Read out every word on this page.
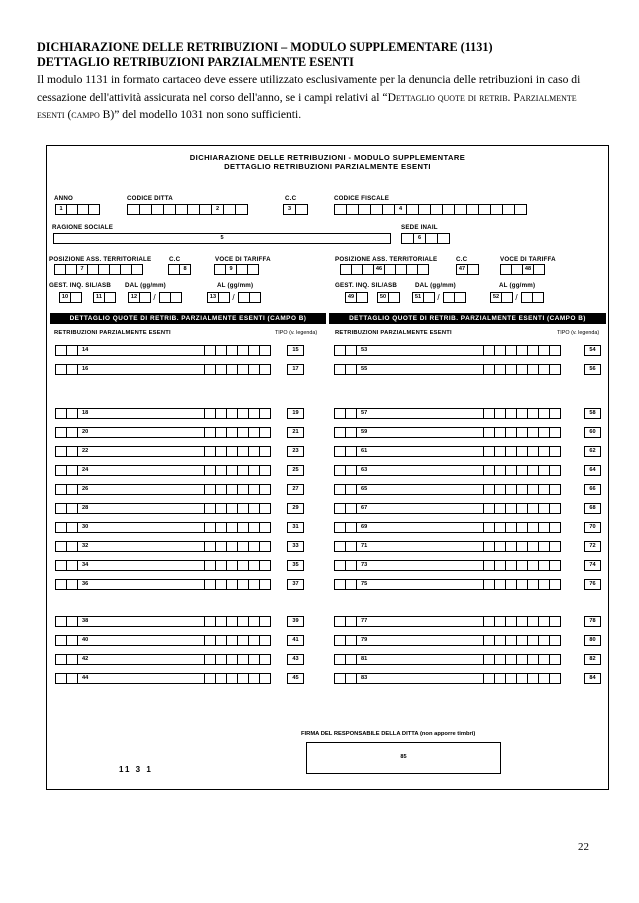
DICHIARAZIONE DELLE RETRIBUZIONI – MODULO SUPPLEMENTARE (1131)
DETTAGLIO RETRIBUZIONI PARZIALMENTE ESENTI
Il modulo 1131 in formato cartaceo deve essere utilizzato esclusivamente per la denuncia delle retribuzioni in caso di cessazione dell'attività assicurata nel corso dell'anno, se i campi relativi al “Dettaglio quote di retrib. Parzialmente esenti (campo B)” del modello 1031 non sono sufficienti.
DICHIARAZIONE DELLE RETRIBUZIONI - MODULO SUPPLEMENTARE
DETTAGLIO RETRIBUZIONI PARZIALMENTE ESENTI
ANNO	CODICE DITTA	C.C	CODICE FISCALE
1	2	3	4
RAGIONE SOCIALE	SEDE INAIL
5	6
POSIZIONE ASS. TERRITORIALE	C.C	VOCE DI TARIFFA	POSIZIONE ASS. TERRITORIALE	C.C	VOCE DI TARIFFA
7	8	9	46	47	48
GEST. INQ. SIL/ASB DAL (gg/mm)	AL (gg/mm)	GEST. INQ. SIL/ASB	DAL (gg/mm)	AL (gg/mm)
10	11	12	/	13	/	49	50	51	/	52	/
DETTAGLIO QUOTE DI RETRIB. PARZIALMENTE ESENTI (CAMPO B)	DETTAGLIO QUOTE DI RETRIB. PARZIALMENTE ESENTI (CAMPO B)
RETRIBUZIONI PARZIALMENTE ESENTI	TIPO (v. legenda)	RETRIBUZIONI PARZIALMENTE ESENTI	TIPO (v. legenda)
14	15
16	17
18	19
20	21
22	23
24	25
26	27
28	29
30	31
32	33
34	35
36	37
38	39
40	41
42	43
44	45
53	54
55	56
57	58
59	60
61	62
63	64
65	66
67	68
69	70
71	72
73	74
75	76
77	78
79	80
81	82
83	84
FIRMA DEL RESPONSABILE DELLA DITTA (non apporre timbri)
85
11 3 1
22
